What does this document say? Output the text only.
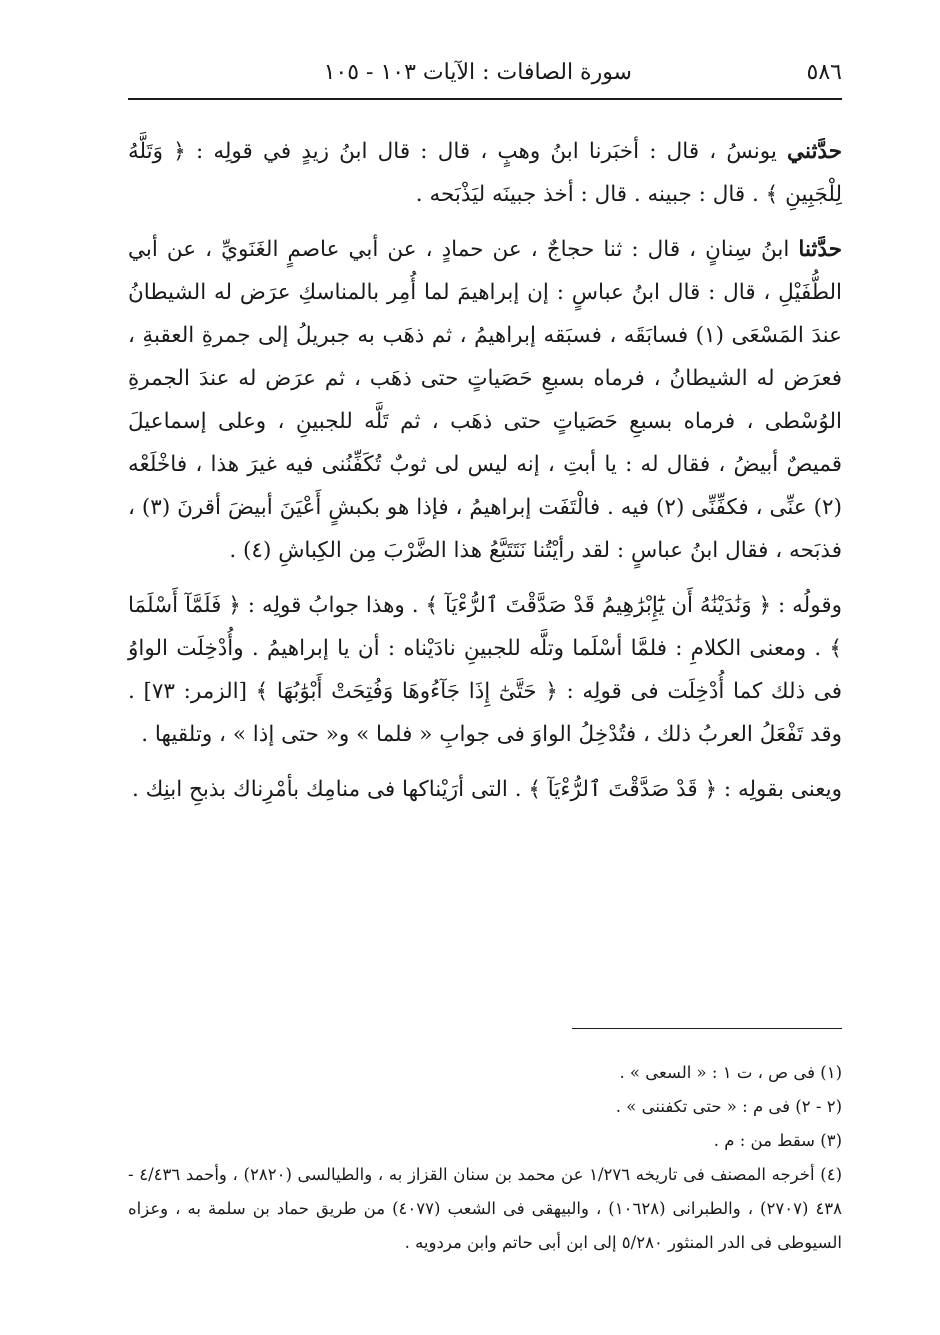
٥٨٦
سورة الصافات : الآيات ١٠٣ - ١٠٥

حدَّثني يونسُ ، قال : أخبَرنا ابنُ وهبٍ ، قال : قال ابنُ زيدٍ في قولِه : ﴿ وَتَلَّهُ لِلْجَبِينِ ﴾ . قال : جبينه . قال : أخذ جبينَه ليَذْبَحه .

حدَّثنا ابنُ سِنانٍ ، قال : ثنا حجاجٌ ، عن حمادٍ ، عن أبي عاصمٍ الغَنَويِّ ، عن أبي الطُّفَيْلِ ، قال : قال ابنُ عباسٍ : إن إبراهيمَ لما أُمِر بالمناسكِ عرَض له الشيطانُ عندَ المَسْعَى (١) فسابَقَه ، فسبَقه إبراهيمُ ، ثم ذهَب به جبريلُ إلى جمرةِ العقبةِ ، فعرَض له الشيطانُ ، فرماه بسبعِ حَصَياتٍ حتى ذهَب ، ثم عرَض له عندَ الجمرةِ الوُسْطى ، فرماه بسبعِ حَصَياتٍ حتى ذهَب ، ثم تَلَّه للجبينِ ، وعلى إسماعيلَ قميصٌ أبيضُ ، فقال له : يا أبتِ ، إنه ليس لى ثوبٌ تُكَفِّنُنى فيه غيرَ هذا ، فاخْلَعْه (٢) عنِّى ، فكفِّنِّى (٢) فيه . فالْتَفَت إبراهيمُ ، فإذا هو بكبشٍ أَعْيَنَ أبيضَ أقرنَ (٣) ، فذبَحه ، فقال ابنُ عباسٍ : لقد رأيْتُنا نَتَتَبَّعُ هذا الضَّرْبَ مِن الكِباشِ (٤) .

وقولُه : ﴿ وَنَٰدَيْنَٰهُ أَن يَٰٓإِبْرَٰهِيمُ قَدْ صَدَّقْتَ ٱلرُّءْيَآ ﴾ . وهذا جوابُ قولِه : ﴿ فَلَمَّآ أَسْلَمَا ﴾ . ومعنى الكلامِ : فلمَّا أسْلَما وتلَّه للجبينِ نادَيْناه : أن يا إبراهيمُ . وأُدْخِلَت الواوُ فى ذلك كما أُدْخِلَت فى قولِه : ﴿ حَتَّىٰٓ إِذَا جَآءُوهَا وَفُتِحَتْ أَبْوَٰبُهَا ﴾ [الزمر: ٧٣] . وقد تَفْعَلُ العربُ ذلك ، فتُدْخِلُ الواوَ فى جوابِ « فلما » و« حتى إذا » ، وتلقيها .

ويعنى بقولِه : ﴿ قَدْ صَدَّقْتَ ٱلرُّءْيَآ ﴾ . التى أرَيْناكها فى منامِك بأمْرِناك بذبحِ ابنِك .

(١) فى ص ، ت ١ : « السعى » .

(٢ - ٢) فى م : « حتى تكفننى » .

(٣) سقط من : م .

(٤) أخرجه المصنف فى تاريخه ١/٢٧٦ عن محمد بن سنان القزاز به ، والطيالسى (٢٨٢٠) ، وأحمد ٤/٤٣٦ - ٤٣٨ (٢٧٠٧) ، والطبرانى (١٠٦٢٨) ، والبيهقى فى الشعب (٤٠٧٧) من طريق حماد بن سلمة به ، وعزاه السيوطى فى الدر المنثور ٥/٢٨٠ إلى ابن أبى حاتم وابن مردويه .
